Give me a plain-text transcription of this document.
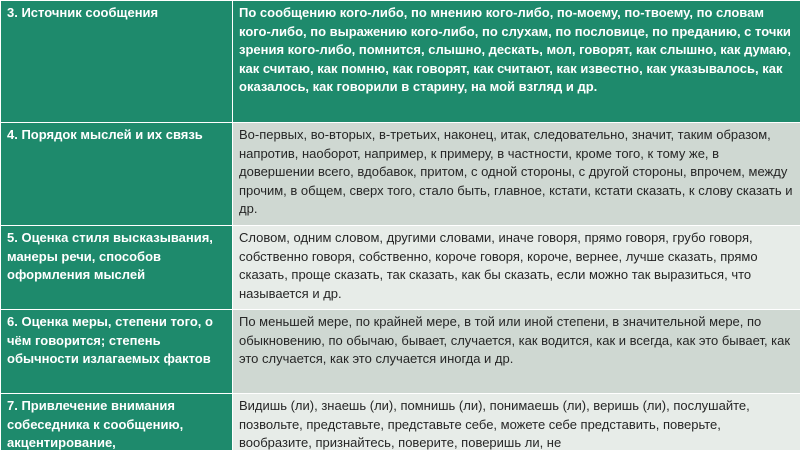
3. Источник сообщения	По сообщению кого-либо, по мнению кого-либо, по-моему, по-твоему, по словам кого-либо, по выражению кого-либо, по слухам, по пословице, по преданию, с точки зрения кого-либо, помнится, слышно, дескать, мол, говорят, как слышно, как думаю, как считаю, как помню, как говорят, как считают, как известно, как указывалось, как оказалось, как говорили в старину, на мой взгляд и др.
4. Порядок мыслей и их связь	Во-первых, во-вторых, в-третьих, наконец, итак, следовательно, значит, таким образом, напротив, наоборот, например, к примеру, в частности, кроме того, к тому же, в довершении всего, вдобавок, притом, с одной стороны, с другой стороны, впрочем, между прочим, в общем, сверх того, стало быть, главное, кстати, кстати сказать, к слову сказать и др.
5. Оценка стиля высказывания, манеры речи, способов оформления мыслей	Словом, одним словом, другими словами, иначе говоря, прямо говоря, грубо говоря, собственно говоря, собственно, короче говоря, короче, вернее, лучше сказать, прямо сказать, проще сказать, так сказать, как бы сказать, если можно так выразиться, что называется и др.
6. Оценка меры, степени того, о чём говорится; степень обычности излагаемых фактов	По меньшей мере, по крайней мере, в той или иной степени, в значительной мере, по обыкновению, по обычаю, бывает, случается, как водится, как и всегда, как это бывает, как это случается, как это случается иногда и др.
7. Привлечение внимания собеседника к сообщению, акцентирование,	Видишь (ли), знаешь (ли), помнишь (ли), понимаешь (ли), веришь (ли), послушайте, позвольте, представьте, представьте себе, можете себе представить, поверьте, вообразите, признайтесь, поверите, поверишь ли, не
